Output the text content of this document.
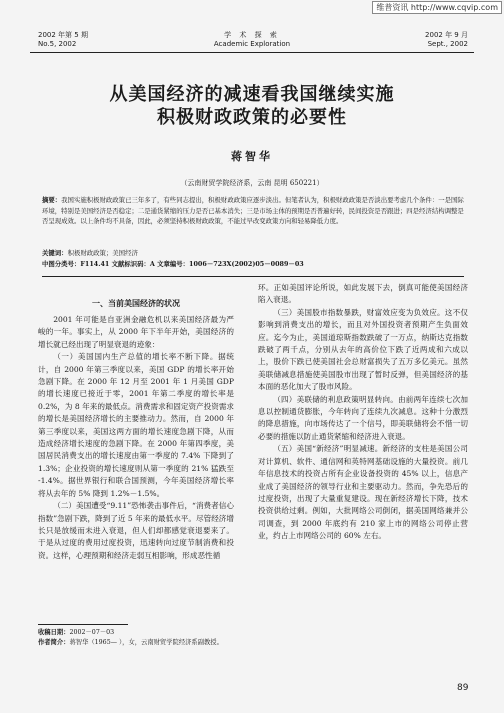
维普资讯 http://www.cqvip.com
2002 年第 5 期
No.5, 2002
学 术 探 索
Academic Exploration
2002 年 9 月
Sept., 2002
从美国经济的减速看我国继续实施
积极财政政策的必要性
蒋智华
（云南财贸学院经济系，云南 昆明 650221）
摘要：我国实施积极财政政策已三年多了，有些同志提出，积极财政政策应逐步淡出。但笔者认为，积极财政政策是否淡出要考虑几个条件：一是国际环境，特别是美国经济是否稳定；二是通货紧缩的压力是否已基本消失；三是市场主体的预期是否普遍好转，民间投资是否跟进；四是经济结构调整是否呈现成效。以上条件均不具备，因此，必须坚持积极财政政策，不能过早改变政策方向和轻易降低力度。
关键词：积极财政政策；美国经济
中图分类号：F114.41 文献标识码：A 文章编号：1006－723X(2002)05－0089－03
一、当前美国经济的状况

2001 年可能是自亚洲金融危机以来美国经济最为严峻的一年。事实上，从 2000 年下半年开始，美国经济的增长就已经出现了明显衰退的迹象：

（一）美国国内生产总值的增长率不断下降。据统计，自 2000 年第三季度以来，美国 GDP 的增长率开始急剧下降。在 2000 年 12 月至 2001 年 1 月美国 GDP 的增长速度已接近于零，2001 年第二季度的增长率是 0.2%，为 8 年来的最低点。消费需求和固定资产投资需求的增长是美国经济增长的主要推动力。然而，自 2000 年第三季度以来，美国这两方面的增长速度急剧下降，从而造成经济增长速度的急剧下降。在 2000 年第四季度，美国居民消费支出的增长速度由第一季度的 7.4% 下降到了 1.3%；企业投资的增长速度则从第一季度的 21% 猛跌至 -1.4%。据世界银行和联合国预测，今年美国经济增长率将从去年的 5% 降到 1.2%－1.5%。

（二）美国遭受“9.11”恐怖袭击事件后，“消费者信心指数”急剧下跌，降到了近 5 年来的最低水平。尽管经济增长只是放缓而未进入衰退，但人们却都感觉衰退要来了。于是从过度的费用过度投资，迅速转向过度节制消费和投资。这样，心理预期和经济走弱互相影响，形成恶性循

环。正如美国评论所说，如此发展下去，倒真可能使美国经济陷入衰退。

（三）美国股市指数暴跌，财富效应变为负效应。这不仅影响到消费支出的增长，而且对外国投资者预期产生负面效应。迄今为止，美国道琼斯指数跌破了一万点，纳斯达克指数跌破了两千点，分别从去年的高价位下跌了近两成和六成以上，股价下跌已使美国社会总财富损失了五万多亿美元。虽然美联储减息措施使美国股市出现了暂时反弹，但美国经济的基本面的恶化加大了股市风险。

（四）美联储的利息政策明显转向。由前两年连续七次加息以控制通货膨胀，今年转向了连续九次减息。这种十分激烈的降息措施，向市场传达了一个信号，即美联储将会不惜一切必要的措施以防止通货紧缩和经济进入衰退。

（五）美国“新经济”明显减速。新经济的支柱是美国公司对计算机、软件、通信网和英特网基础设施的大量投资。前几年信息技术的投资占所有企业设备投资的 45% 以上，信息产业成了美国经济的领导行业和主要驱动力。然而，争先恐后的过度投资，出现了大量重复建设。现在新经济增长下降，技术投资供给过剩。例如，大批网络公司倒闭，据美国网络兼并公司调查，到 2000 年底约有 210 家上市的网络公司停止营业，约占上市网络公司的 60% 左右。

收稿日期：2002－07－03
作者简介：蒋智华（1965— ），女，云南财贸学院经济系副教授。
89
